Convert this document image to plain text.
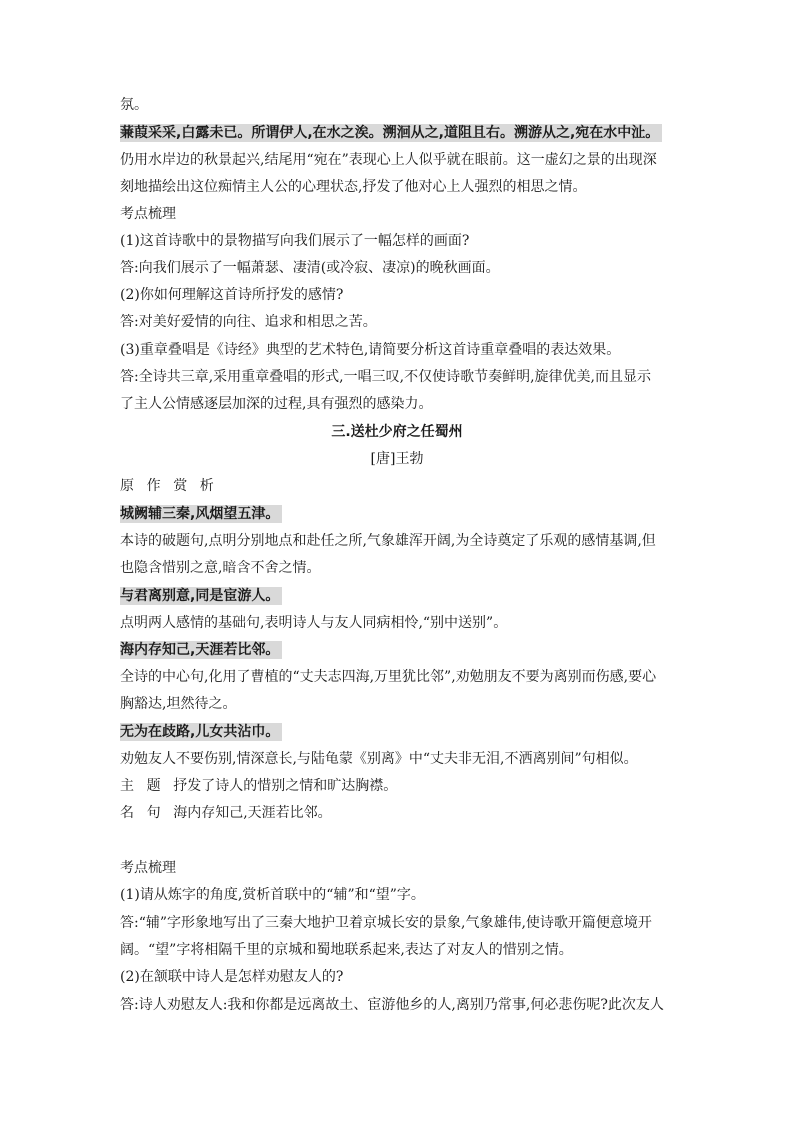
氛。
蒹葭采采,白露未已。所谓伊人,在水之涘。溯洄从之,道阻且右。溯游从之,宛在水中沚。
仍用水岸边的秋景起兴,结尾用“宛在”表现心上人似乎就在眼前。这一虚幻之景的出现深
刻地描绘出这位痴情主人公的心理状态,抒发了他对心上人强烈的相思之情。
考点梳理
(1)这首诗歌中的景物描写向我们展示了一幅怎样的画面?
答:向我们展示了一幅萧瑟、凄清(或冷寂、凄凉)的晚秋画面。
(2)你如何理解这首诗所抒发的感情?
答:对美好爱情的向往、追求和相思之苦。
(3)重章叠唱是《诗经》典型的艺术特色,请简要分析这首诗重章叠唱的表达效果。
答:全诗共三章,采用重章叠唱的形式,一唱三叹,不仅使诗歌节奏鲜明,旋律优美,而且显示
了主人公情感逐层加深的过程,具有强烈的感染力。
三.送杜少府之任蜀州
[唐]王勃
原作赏析
城阙辅三秦,风烟望五津。
本诗的破题句,点明分别地点和赴任之所,气象雄浑开阔,为全诗奠定了乐观的感情基调,但
也隐含惜别之意,暗含不舍之情。
与君离别意,同是宦游人。
点明两人感情的基础句,表明诗人与友人同病相怜,“别中送别”。
海内存知己,天涯若比邻。
全诗的中心句,化用了曹植的“丈夫志四海,万里犹比邻”,劝勉朋友不要为离别而伤感,要心
胸豁达,坦然待之。
无为在歧路,儿女共沾巾。
劝勉友人不要伤别,情深意长,与陆龟蒙《别离》中“丈夫非无泪,不洒离别间”句相似。
主题抒发了诗人的惜别之情和旷达胸襟。
名句海内存知己,天涯若比邻。
考点梳理
(1)请从炼字的角度,赏析首联中的“辅”和“望”字。
答:“辅”字形象地写出了三秦大地护卫着京城长安的景象,气象雄伟,使诗歌开篇便意境开
阔。“望”字将相隔千里的京城和蜀地联系起来,表达了对友人的惜别之情。
(2)在颔联中诗人是怎样劝慰友人的?
答:诗人劝慰友人:我和你都是远离故土、宦游他乡的人,离别乃常事,何必悲伤呢?此次友人
